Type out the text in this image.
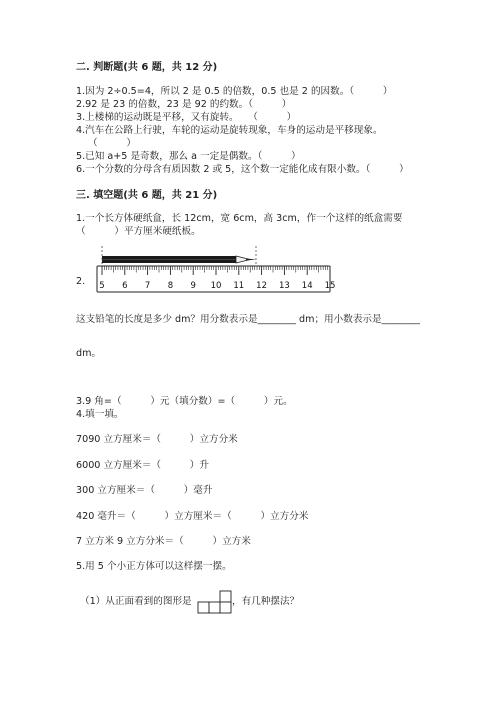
二. 判断题(共 6 题，共 12 分)
1.因为 2÷0.5=4，所以 2 是 0.5 的倍数，0.5 也是 2 的因数。（　　　）
2.92 是 23 的倍数，23 是 92 的约数。（　　　）
3.上楼梯的运动既是平移，又有旋转。　　（　　　）
4.汽车在公路上行驶，车轮的运动是旋转现象，车身的运动是平移现象。
（　　　）
5.已知 a+5 是奇数，那么 a 一定是偶数。（　　　）
6.一个分数的分母含有质因数 2 或 5，这个数一定能化成有限小数。（　　　）
三. 填空题(共 6 题，共 21 分)
1.一个长方体硬纸盒，长 12cm，宽 6cm，高 3cm，作一个这样的纸盒需要
（　　　）平方厘米硬纸板。
2. 5 6 7 8 9 10 11 12 13 14 15
这支铅笔的长度是多少 dm？用分数表示是________ dm；用小数表示是________
dm。
3.9 角=（　　　）元（填分数）=（　　　）元。
4.填一填。
7090 立方厘米＝（　　　）立方分米
6000 立方厘米＝（　　　）升
300 立方厘米＝（　　　）毫升
420 毫升＝（　　　）立方厘米＝（　　　）立方分米
7 立方米 9 立方分米＝（　　　）立方米
5.用 5 个小正方体可以这样摆一摆。
（1）从正面看到的图形是	，有几种摆法？
